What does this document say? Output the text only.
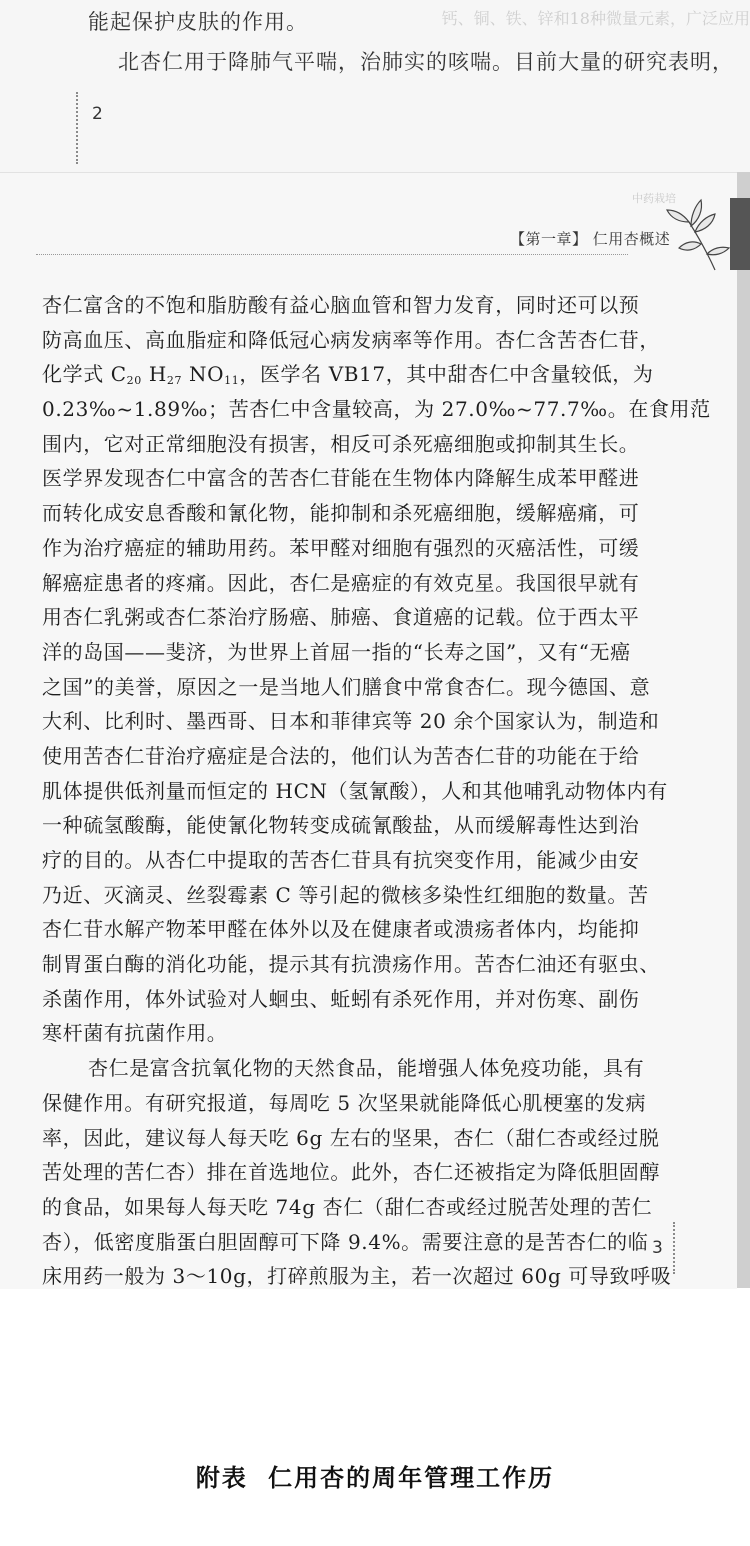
钙、铜、铁、锌和18种微量元素，广泛应用
能起保护皮肤的作用。
北杏仁用于降肺气平喘，治肺实的咳喘。目前大量的研究表明，
2
中药栽培
【第一章】 仁用杏概述
杏仁富含的不饱和脂肪酸有益心脑血管和智力发育，同时还可以预
防高血压、高血脂症和降低冠心病发病率等作用。杏仁含苦杏仁苷，
化学式 $C_{20}$ $H_{27}$ $NO_{11}$，医学名 VB17，其中甜杏仁中含量较低，为
0.23‰~1.89‰；苦杏仁中含量较高，为 27.0‰~77.7‰。在食用范
围内，它对正常细胞没有损害，相反可杀死癌细胞或抑制其生长。
医学界发现杏仁中富含的苦杏仁苷能在生物体内降解生成苯甲醛进
而转化成安息香酸和氰化物，能抑制和杀死癌细胞，缓解癌痛，可
作为治疗癌症的辅助用药。苯甲醛对细胞有强烈的灭癌活性，可缓
解癌症患者的疼痛。因此，杏仁是癌症的有效克星。我国很早就有
用杏仁乳粥或杏仁茶治疗肠癌、肺癌、食道癌的记载。位于西太平
洋的岛国——斐济，为世界上首屈一指的“长寿之国”，又有“无癌
之国”的美誉，原因之一是当地人们膳食中常食杏仁。现今德国、意
大利、比利时、墨西哥、日本和菲律宾等 20 余个国家认为，制造和
使用苦杏仁苷治疗癌症是合法的，他们认为苦杏仁苷的功能在于给
肌体提供低剂量而恒定的 HCN（氢氰酸），人和其他哺乳动物体内有
一种硫氢酸酶，能使氰化物转变成硫氰酸盐，从而缓解毒性达到治
疗的目的。从杏仁中提取的苦杏仁苷具有抗突变作用，能减少由安
乃近、灭滴灵、丝裂霉素 C 等引起的微核多染性红细胞的数量。苦
杏仁苷水解产物苯甲醛在体外以及在健康者或溃疡者体内，均能抑
制胃蛋白酶的消化功能，提示其有抗溃疡作用。苦杏仁油还有驱虫、
杀菌作用，体外试验对人蛔虫、蚯蚓有杀死作用，并对伤寒、副伤
寒杆菌有抗菌作用。
杏仁是富含抗氧化物的天然食品，能增强人体免疫功能，具有
保健作用。有研究报道，每周吃 5 次坚果就能降低心肌梗塞的发病
率，因此，建议每人每天吃 6g 左右的坚果，杏仁（甜仁杏或经过脱
苦处理的苦仁杏）排在首选地位。此外，杏仁还被指定为降低胆固醇
的食品，如果每人每天吃 74g 杏仁（甜仁杏或经过脱苦处理的苦仁
杏），低密度脂蛋白胆固醇可下降 9.4%。需要注意的是苦杏仁的临
床用药一般为 3～10g，打碎煎服为主，若一次超过 60g 可导致呼吸
3
附表 仁用杏的周年管理工作历
